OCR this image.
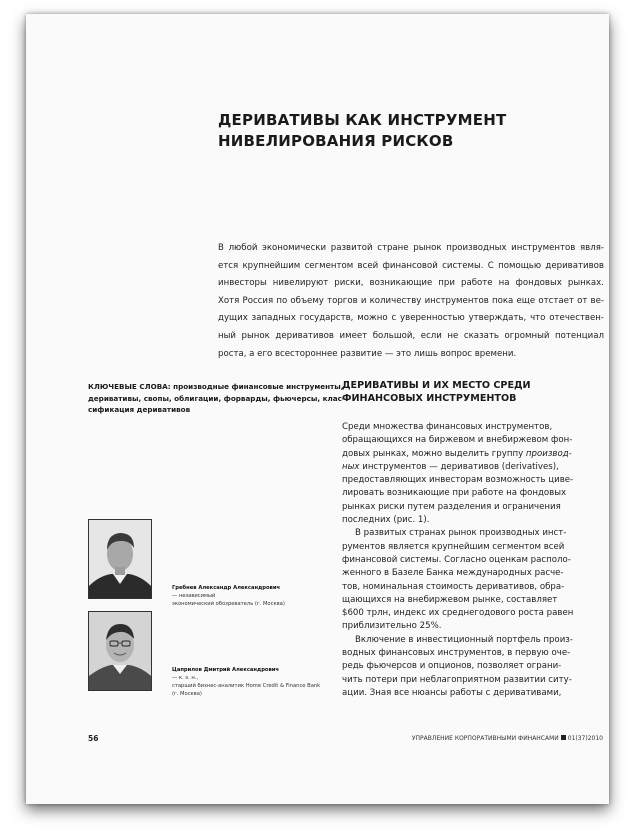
ДЕРИВАТИВЫ КАК ИНСТРУМЕНТ
НИВЕЛИРОВАНИЯ РИСКОВ
В любой экономически развитой стране рынок производных инструментов явля-
ется крупнейшим сегментом всей финансовой системы. С помощью деривативов
инвесторы нивелируют риски, возникающие при работе на фондовых рынках.
Хотя Россия по объему торгов и количеству инструментов пока еще отстает от ве-
дущих западных государств, можно с уверенностью утверждать, что отечествен-
ный рынок деривативов имеет большой, если не сказать огромный потенциал
роста, а его всестороннее развитие — это лишь вопрос времени.
КЛЮЧЕВЫЕ СЛОВА: производные финансовые инструменты,
деривативы, свопы, облигации, форварды, фьючерсы, клас-
сификация деривативов
ДЕРИВАТИВЫ И ИХ МЕСТО СРЕДИ
ФИНАНСОВЫХ ИНСТРУМЕНТОВ
Среди множества финансовых инструментов,
обращающихся на биржевом и внебиржевом фон-
довых рынках, можно выделить группу производ-
ных инструментов — деривативов (derivatives),
предоставляющих инвесторам возможность циве-
лировать возникающие при работе на фондовых
рынках риски путем разделения и ограничения
последних (рис. 1).
В развитых странах рынок производных инст-
рументов является крупнейшим сегментом всей
финансовой системы. Согласно оценкам располо-
женного в Базеле Банка международных расче-
тов, номинальная стоимость деривативов, обра-
щающихся на внебиржевом рынке, составляет
$600 трлн, индекс их среднегодового роста равен
приблизительно 25%.
Включение в инвестиционный портфель произ-
водных финансовых инструментов, в первую оче-
редь фьючерсов и опционов, позволяет ограни-
чить потери при неблагоприятном развитии ситу-
ации. Зная все нюансы работы с деривативами,
Гребнев Александр Александрович
— независимый
экономический обозреватель (г. Москва)
Цаприлов Дмитрий Александрович
— к. э. н.,
старший бизнес-аналитик Home Credit & Finance Bank
(г. Москва)
56	УПРАВЛЕНИЕ КОРПОРАТИВНЫМИ ФИНАНСАМИ 01(37)2010
